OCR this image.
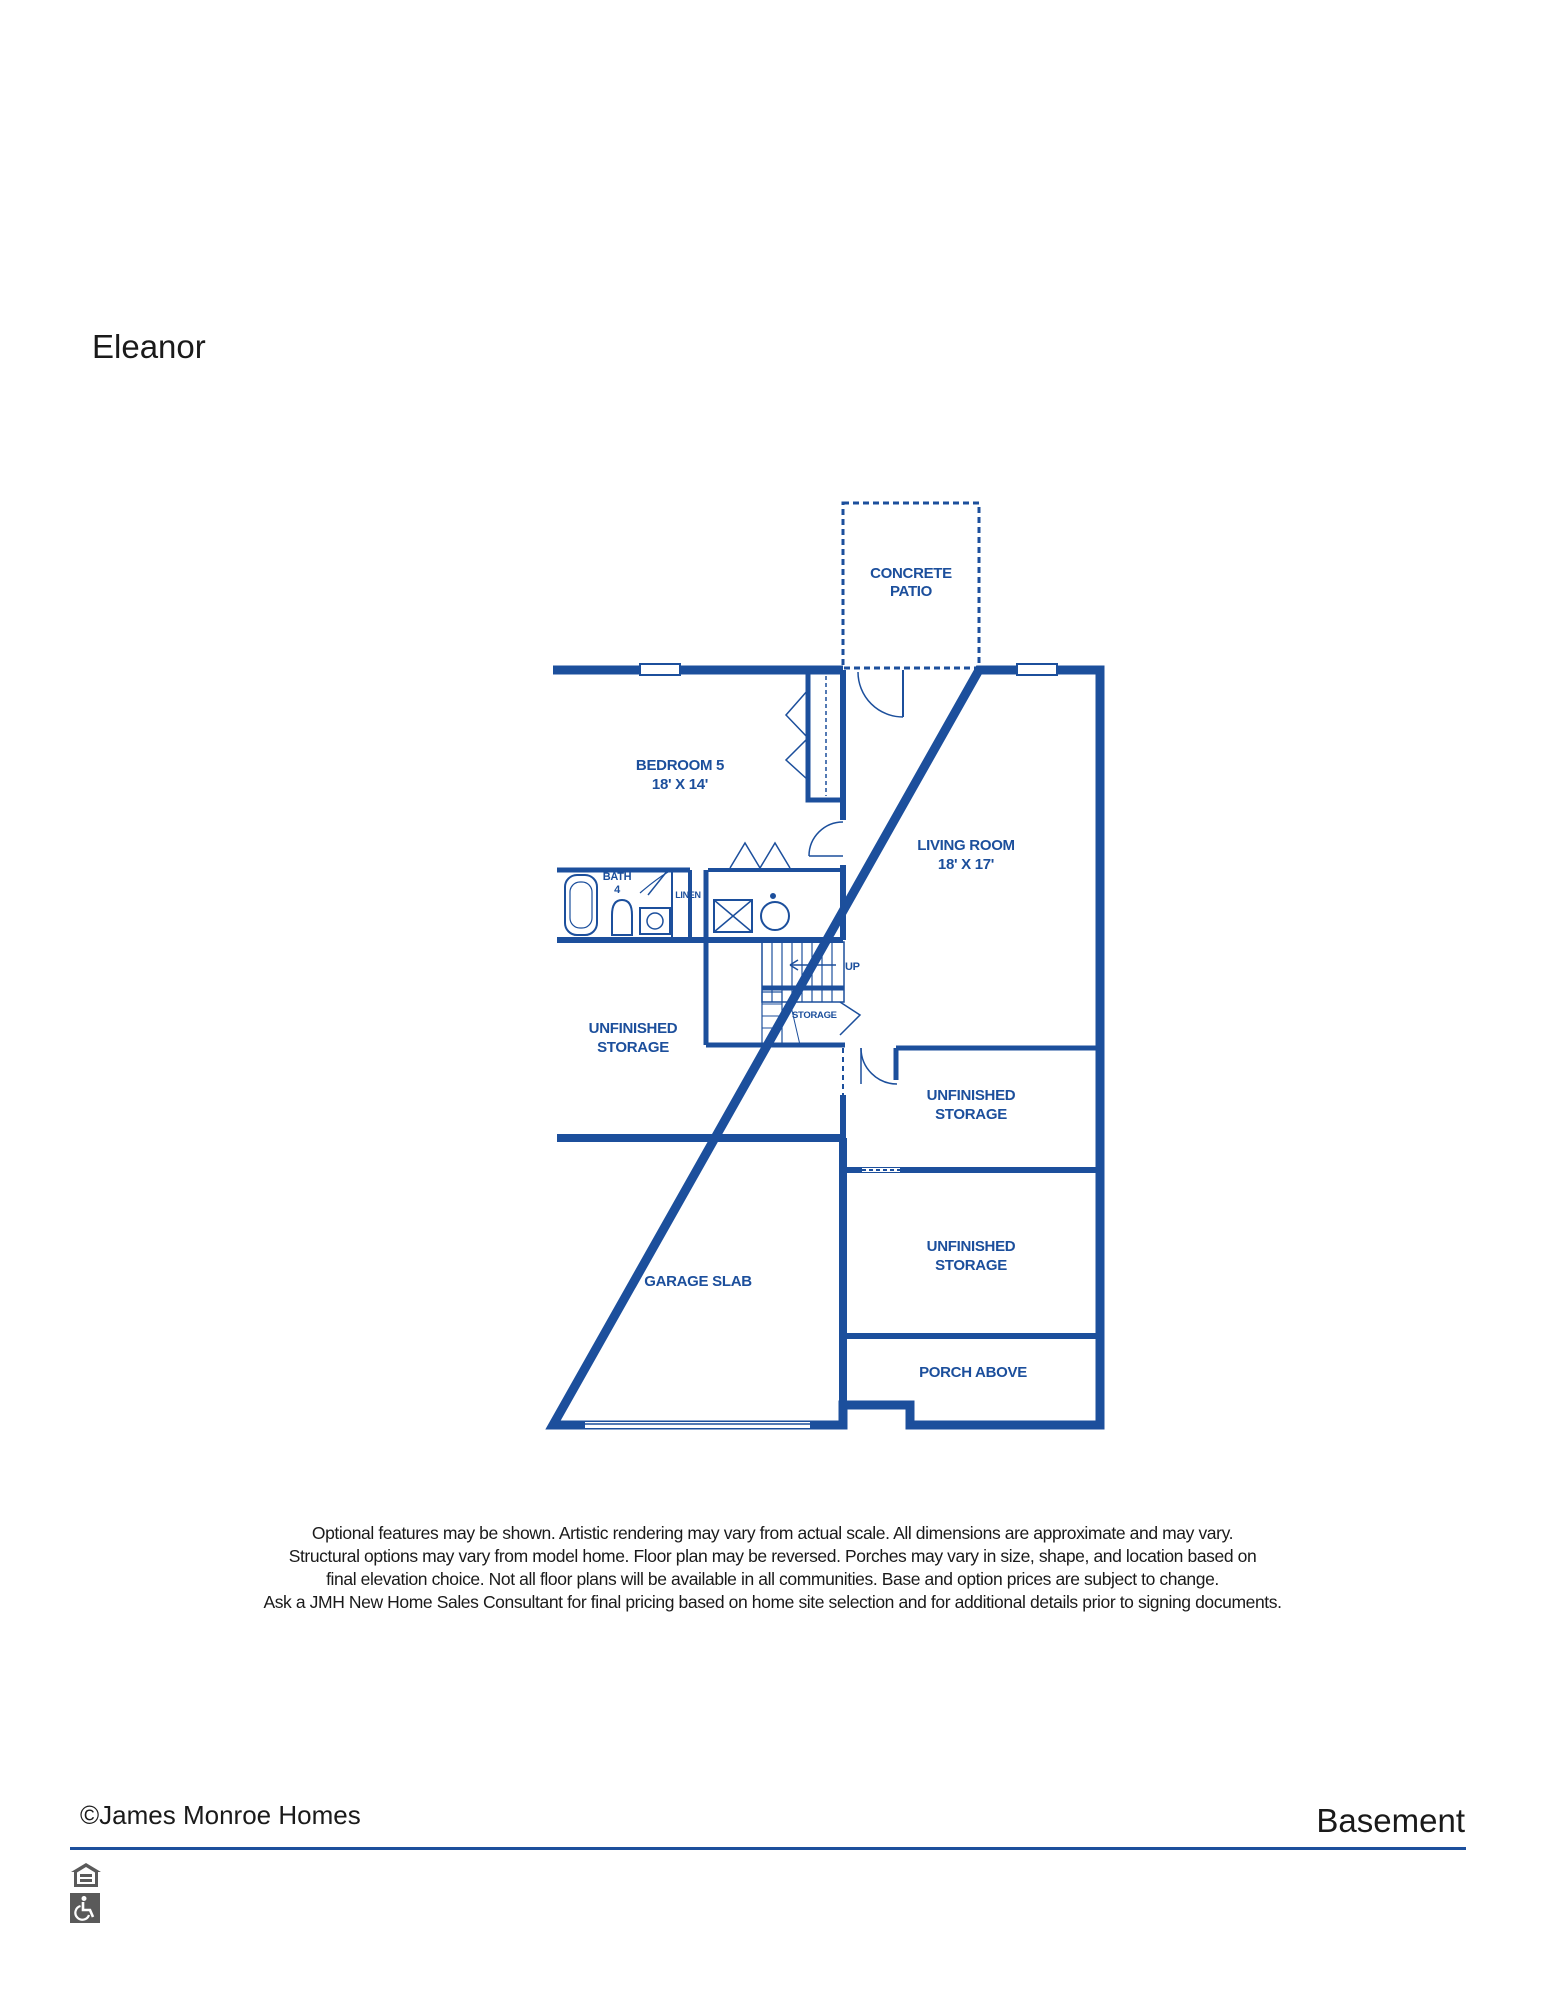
Eleanor
CONCRETE
PATIO
BEDROOM 5
18' X 14'
LIVING ROOM
18' X 17'
BATH
4	LINEN
UP
STORAGE
UNFINISHED
STORAGE
UNFINISHED
STORAGE
UNFINISHED
STORAGE
GARAGE SLAB
PORCH ABOVE
Optional features may be shown. Artistic rendering may vary from actual scale. All dimensions are approximate and may vary.
Structural options may vary from model home. Floor plan may be reversed. Porches may vary in size, shape, and location based on
final elevation choice. Not all floor plans will be available in all communities. Base and option prices are subject to change.
Ask a JMH New Home Sales Consultant for final pricing based on home site selection and for additional details prior to signing documents.
©James Monroe Homes	Basement
